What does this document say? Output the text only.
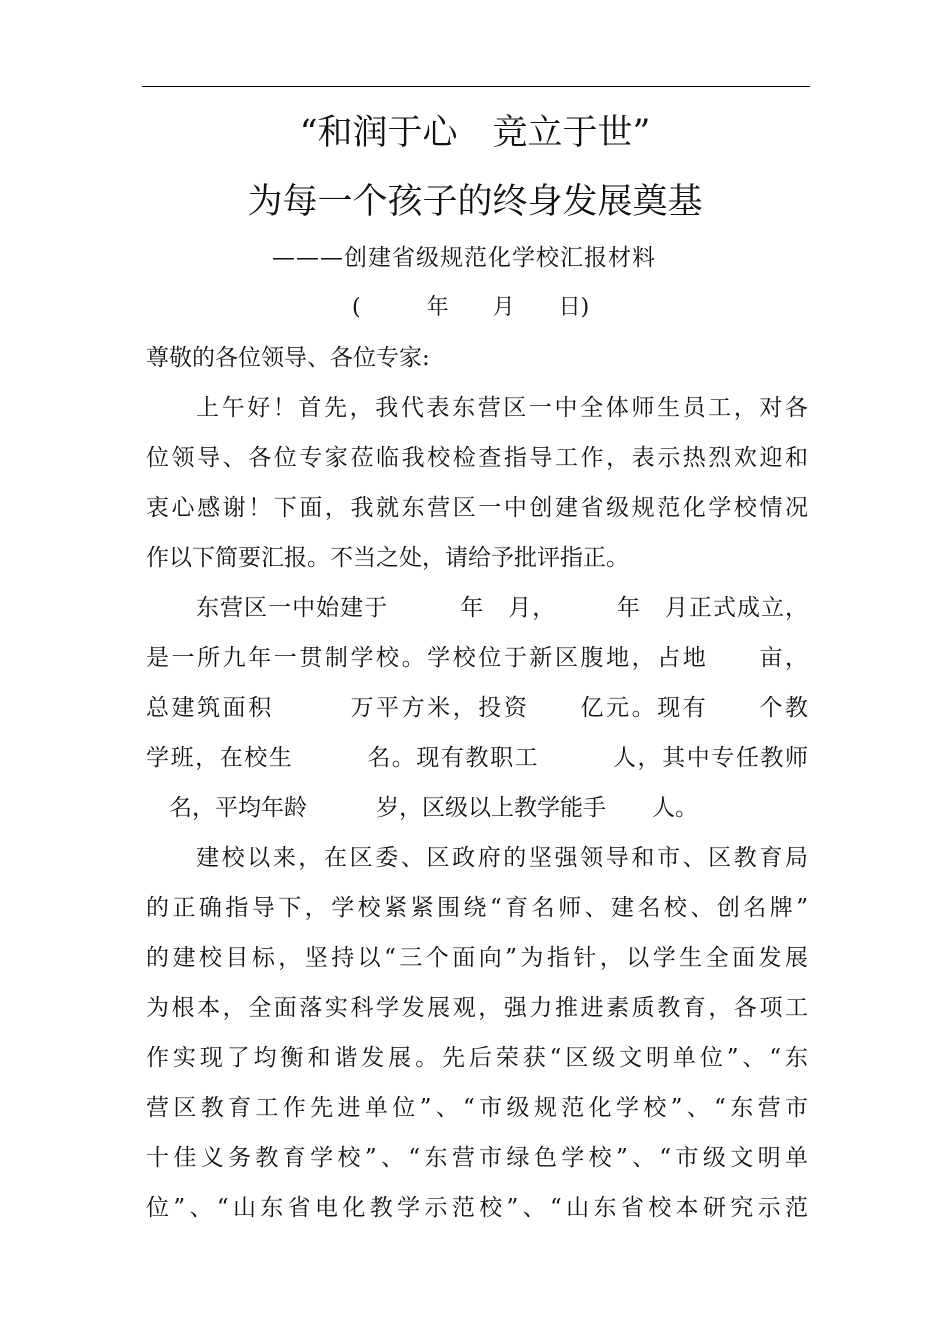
“和润于心　竞立于世”
为每一个孩子的终身发展奠基
———创建省级规范化学校汇报材料
(　　　年　　月　　日)
尊敬的各位领导、各位专家:
上午好！首先，我代表东营区一中全体师生员工，对各
位领导、各位专家莅临我校检查指导工作，表示热烈欢迎和
衷心感谢！下面，我就东营区一中创建省级规范化学校情况
作以下简要汇报。不当之处，请给予批评指正。
东营区一中始建于　　　年　月，　　　年　月正式成立，
是一所九年一贯制学校。学校位于新区腹地，占地　　亩，
总建筑面积　　　万平方米，投资　　亿元。现有　　个教
学班，在校生　　　名。现有教职工　　　人，其中专任教师
　名，平均年龄　　　岁，区级以上教学能手　　人。
建校以来，在区委、区政府的坚强领导和市、区教育局
的正确指导下，学校紧紧围绕“育名师、建名校、创名牌”
的建校目标，坚持以“三个面向”为指针，以学生全面发展
为根本，全面落实科学发展观，强力推进素质教育，各项工
作实现了均衡和谐发展。先后荣获“区级文明单位”、“东
营区教育工作先进单位”、“市级规范化学校”、“东营市
十佳义务教育学校”、“东营市绿色学校”、“市级文明单
位”、“山东省电化教学示范校”、“山东省校本研究示范
